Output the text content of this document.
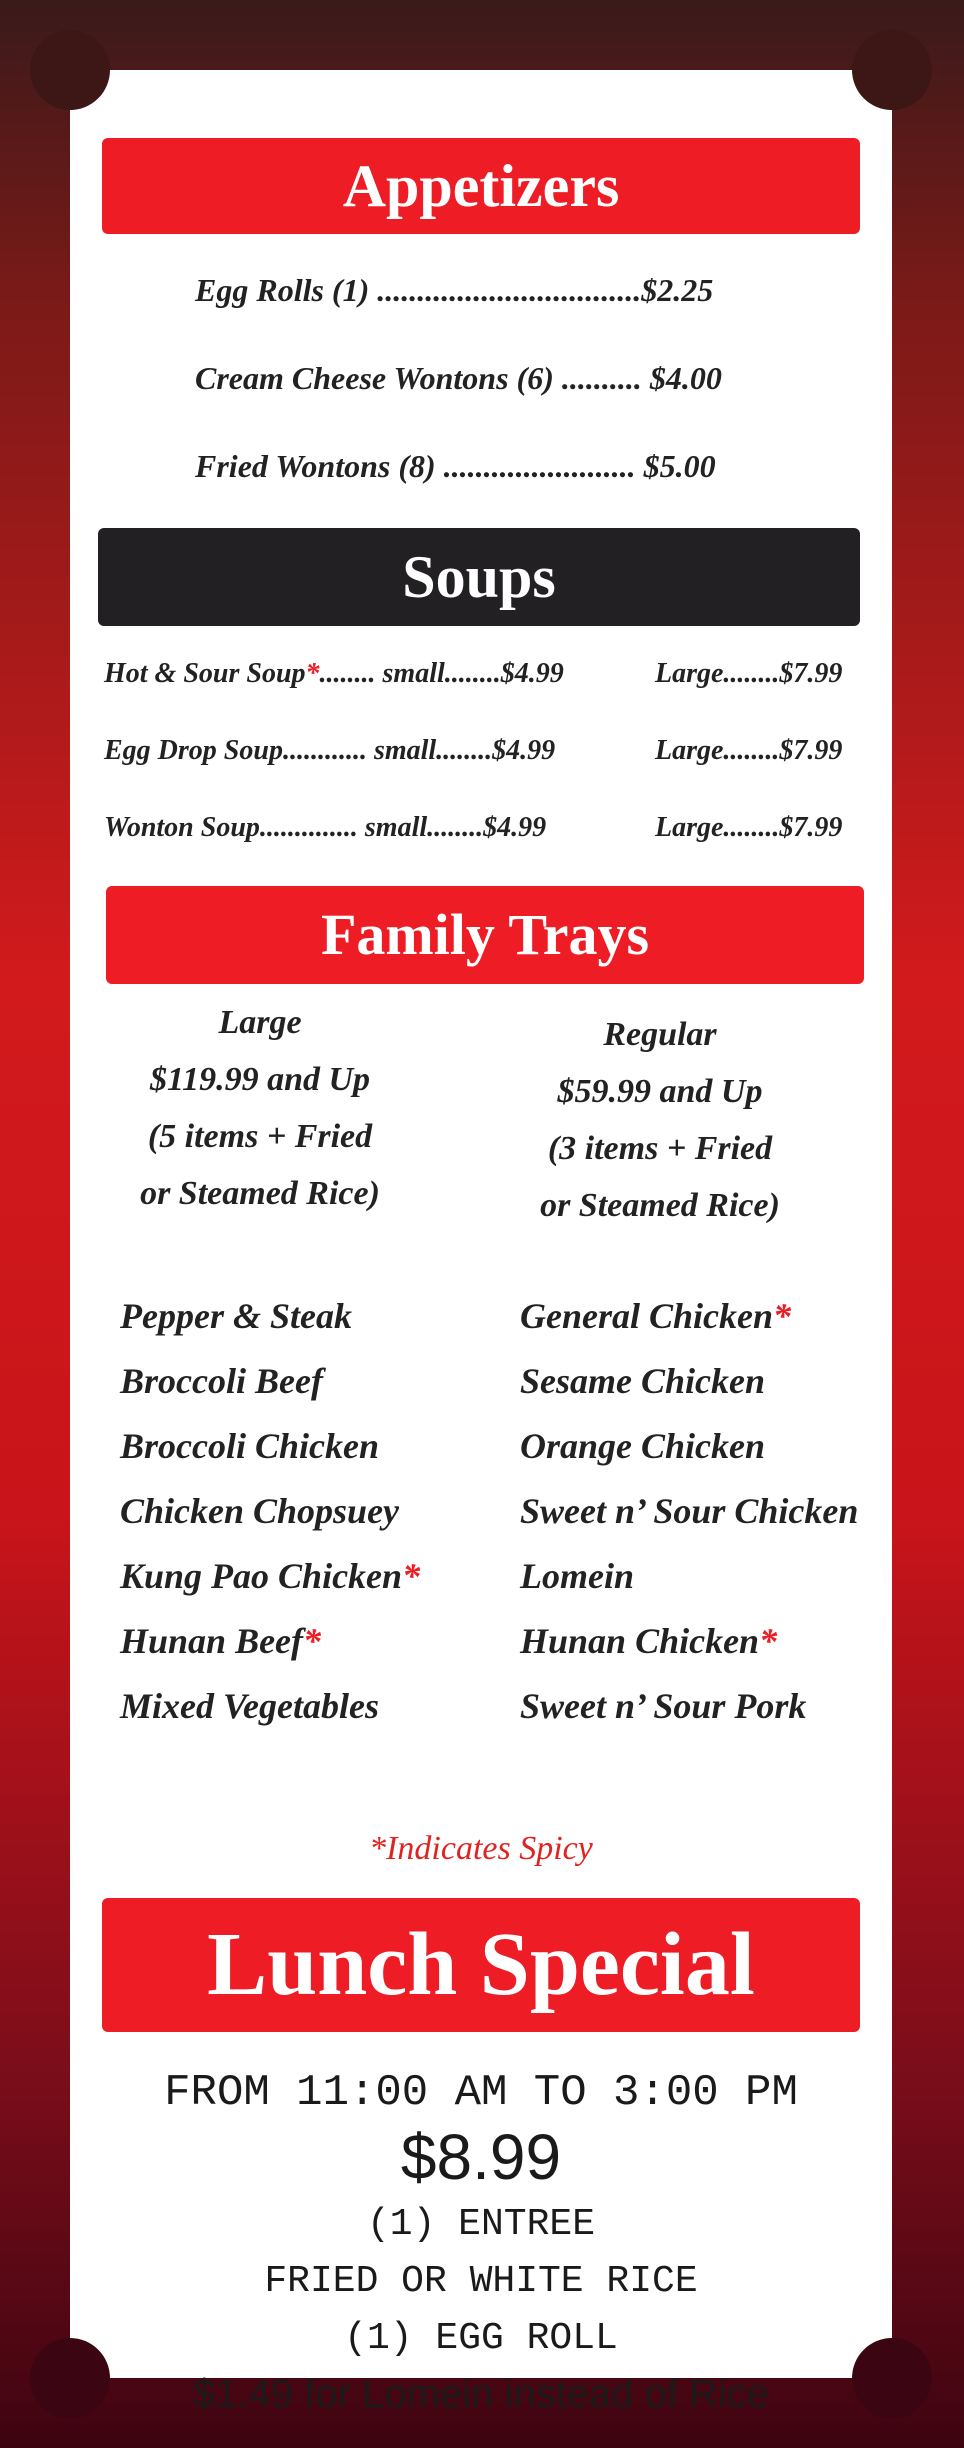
Appetizers
Egg Rolls (1) .................................$2.25
Cream Cheese Wontons (6) .......... $4.00
Fried Wontons (8) ........................ $5.00
Soups
Hot & Sour Soup*........ small........$4.99	Large........$7.99
Egg Drop Soup............ small........$4.99	Large........$7.99
Wonton Soup.............. small........$4.99	Large........$7.99
Family Trays
Large
$119.99 and Up
(5 items + Fried
or Steamed Rice)
Regular
$59.99 and Up
(3 items + Fried
or Steamed Rice)
Pepper & Steak
Broccoli Beef
Broccoli Chicken
Chicken Chopsuey
Kung Pao Chicken*
Hunan Beef*
Mixed Vegetables
General Chicken*
Sesame Chicken
Orange Chicken
Sweet n’ Sour Chicken
Lomein
Hunan Chicken*
Sweet n’ Sour Pork
*Indicates Spicy
Lunch Special
FROM 11:00 AM TO 3:00 PM
$8.99
(1) ENTREE
FRIED OR WHITE RICE
(1) EGG ROLL
$1.49 for Lomein instead of Rice
